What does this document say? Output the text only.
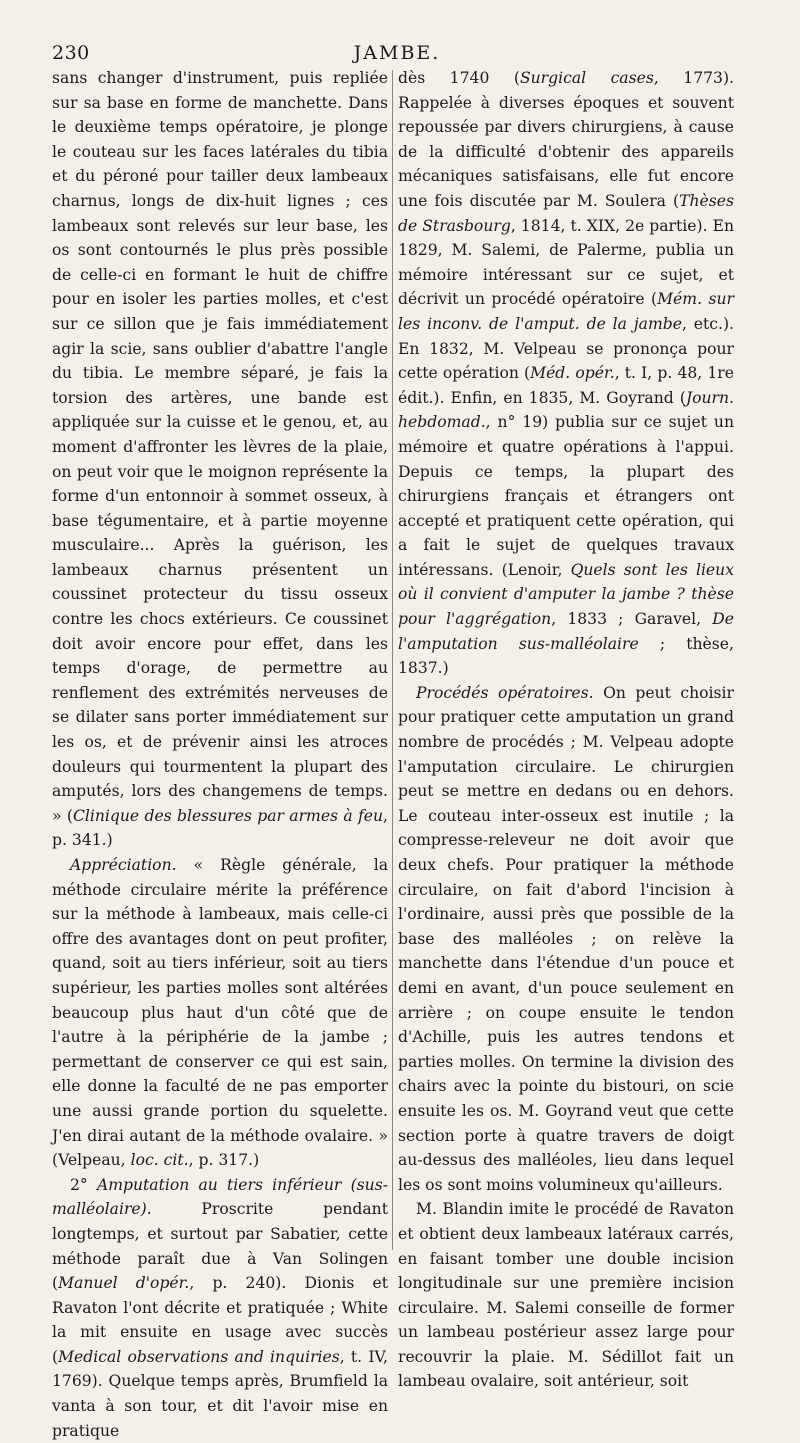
230	JAMBE.

sans changer d'instrument, puis repliée sur sa base en forme de manchette. Dans le deuxième temps opératoire, je plonge le couteau sur les faces latérales du tibia et du péroné pour tailler deux lambeaux charnus, longs de dix-huit lignes ; ces lambeaux sont relevés sur leur base, les os sont contournés le plus près possible de celle-ci en formant le huit de chiffre pour en isoler les parties molles, et c'est sur ce sillon que je fais immédiatement agir la scie, sans oublier d'abattre l'angle du tibia. Le membre séparé, je fais la torsion des artères, une bande est appliquée sur la cuisse et le genou, et, au moment d'affronter les lèvres de la plaie, on peut voir que le moignon représente la forme d'un entonnoir à sommet osseux, à base tégumentaire, et à partie moyenne musculaire... Après la guérison, les lambeaux charnus présentent un coussinet protecteur du tissu osseux contre les chocs extérieurs. Ce coussinet doit avoir encore pour effet, dans les temps d'orage, de permettre au renflement des extrémités nerveuses de se dilater sans porter immédiatement sur les os, et de prévenir ainsi les atroces douleurs qui tourmentent la plupart des amputés, lors des changemens de temps. » (Clinique des blessures par armes à feu, p. 341.)

Appréciation. « Règle générale, la méthode circulaire mérite la préférence sur la méthode à lambeaux, mais celle-ci offre des avantages dont on peut profiter, quand, soit au tiers inférieur, soit au tiers supérieur, les parties molles sont altérées beaucoup plus haut d'un côté que de l'autre à la périphérie de la jambe ; permettant de conserver ce qui est sain, elle donne la faculté de ne pas emporter une aussi grande portion du squelette. J'en dirai autant de la méthode ovalaire. » (Velpeau, loc. cit., p. 317.)

2° Amputation au tiers inférieur (sus-malléolaire). Proscrite pendant longtemps, et surtout par Sabatier, cette méthode paraît due à Van Solingen (Manuel d'opér., p. 240). Dionis et Ravaton l'ont décrite et pratiquée ; White la mit ensuite en usage avec succès (Medical observations and inquiries, t. IV, 1769). Quelque temps après, Brumfield la vanta à son tour, et dit l'avoir mise en pratique

dès 1740 (Surgical cases, 1773). Rappelée à diverses époques et souvent repoussée par divers chirurgiens, à cause de la difficulté d'obtenir des appareils mécaniques satisfaisans, elle fut encore une fois discutée par M. Soulera (Thèses de Strasbourg, 1814, t. XIX, 2e partie). En 1829, M. Salemi, de Palerme, publia un mémoire intéressant sur ce sujet, et décrivit un procédé opératoire (Mém. sur les inconv. de l'amput. de la jambe, etc.). En 1832, M. Velpeau se prononça pour cette opération (Méd. opér., t. I, p. 48, 1re édit.). Enfin, en 1835, M. Goyrand (Journ. hebdomad., n° 19) publia sur ce sujet un mémoire et quatre opérations à l'appui. Depuis ce temps, la plupart des chirurgiens français et étrangers ont accepté et pratiquent cette opération, qui a fait le sujet de quelques travaux intéressans. (Lenoir, Quels sont les lieux où il convient d'amputer la jambe ? thèse pour l'aggrégation, 1833 ; Garavel, De l'amputation sus-malléolaire ; thèse, 1837.)

Procédés opératoires. On peut choisir pour pratiquer cette amputation un grand nombre de procédés ; M. Velpeau adopte l'amputation circulaire. Le chirurgien peut se mettre en dedans ou en dehors. Le couteau inter-osseux est inutile ; la compresse-releveur ne doit avoir que deux chefs. Pour pratiquer la méthode circulaire, on fait d'abord l'incision à l'ordinaire, aussi près que possible de la base des malléoles ; on relève la manchette dans l'étendue d'un pouce et demi en avant, d'un pouce seulement en arrière ; on coupe ensuite le tendon d'Achille, puis les autres tendons et parties molles. On termine la division des chairs avec la pointe du bistouri, on scie ensuite les os. M. Goyrand veut que cette section porte à quatre travers de doigt au-dessus des malléoles, lieu dans lequel les os sont moins volumineux qu'ailleurs.

M. Blandin imite le procédé de Ravaton et obtient deux lambeaux latéraux carrés, en faisant tomber une double incision longitudinale sur une première incision circulaire. M. Salemi conseille de former un lambeau postérieur assez large pour recouvrir la plaie. M. Sédillot fait un lambeau ovalaire, soit antérieur, soit
